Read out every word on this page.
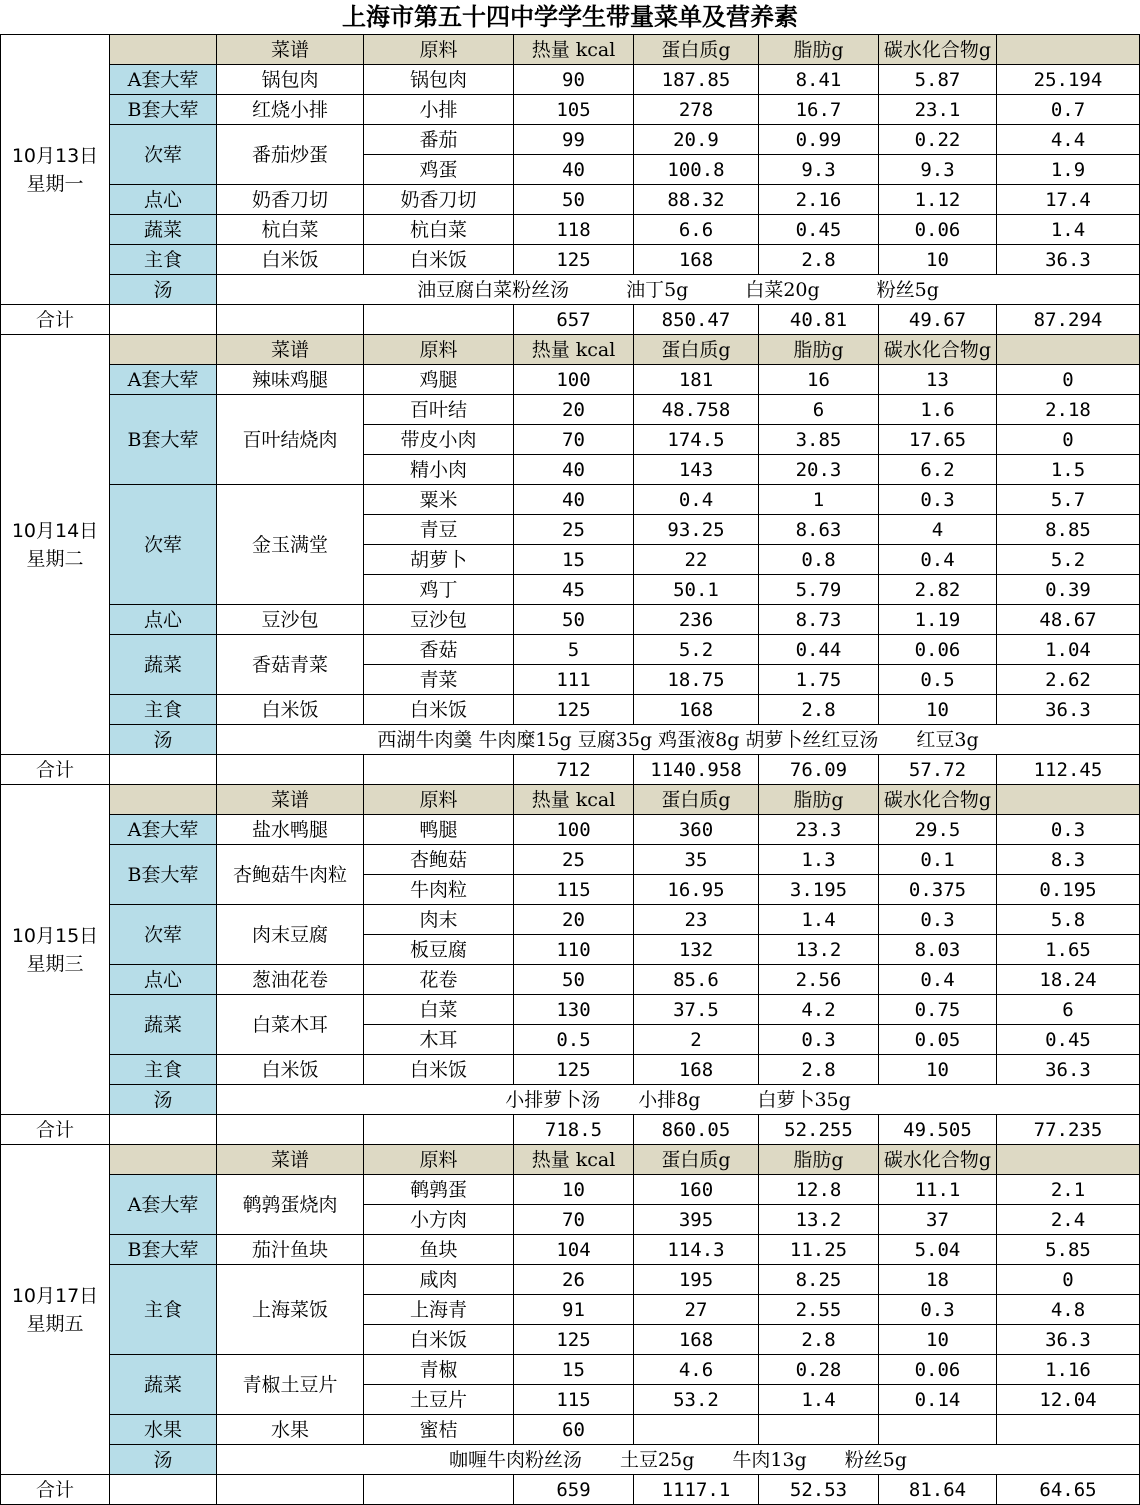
上海市第五十四中学学生带量菜单及营养素
10月13日
星期一		菜谱	原料	热量 kcal	蛋白质g	脂肪g	碳水化合物g	
	A套大荤	锅包肉	锅包肉	90	187.85	8.41	5.87	25.194
	B套大荤	红烧小排	小排	105	278	16.7	23.1	0.7
	次荤	番茄炒蛋	番茄	99	20.9	0.99	0.22	4.4
			鸡蛋	40	100.8	9.3	9.3	1.9
	点心	奶香刀切	奶香刀切	50	88.32	2.16	1.12	17.4
	蔬菜	杭白菜	杭白菜	118	6.6	0.45	0.06	1.4
	主食	白米饭	白米饭	125	168	2.8	10	36.3
	汤	油豆腐白菜粉丝汤　　　油丁5g　　　白菜20g　　　粉丝5g						
合计				657	850.47	40.81	49.67	87.294
10月14日
星期二		菜谱	原料	热量 kcal	蛋白质g	脂肪g	碳水化合物g	
	A套大荤	辣味鸡腿	鸡腿	100	181	16	13	0
	B套大荤	百叶结烧肉	百叶结	20	48.758	6	1.6	2.18
			带皮小肉	70	174.5	3.85	17.65	0
			精小肉	40	143	20.3	6.2	1.5
	次荤	金玉满堂	粟米	40	0.4	1	0.3	5.7
			青豆	25	93.25	8.63	4	8.85
			胡萝卜	15	22	0.8	0.4	5.2
			鸡丁	45	50.1	5.79	2.82	0.39
	点心	豆沙包	豆沙包	50	236	8.73	1.19	48.67
	蔬菜	香菇青菜	香菇	5	5.2	0.44	0.06	1.04
			青菜	111	18.75	1.75	0.5	2.62
	主食	白米饭	白米饭	125	168	2.8	10	36.3
	汤	西湖牛肉羹 牛肉糜15g 豆腐35g 鸡蛋液8g 胡萝卜丝红豆汤　　红豆3g						
合计				712	1140.958	76.09	57.72	112.45
10月15日
星期三		菜谱	原料	热量 kcal	蛋白质g	脂肪g	碳水化合物g	
	A套大荤	盐水鸭腿	鸭腿	100	360	23.3	29.5	0.3
	B套大荤	杏鲍菇牛肉粒	杏鲍菇	25	35	1.3	0.1	8.3
			牛肉粒	115	16.95	3.195	0.375	0.195
	次荤	肉末豆腐	肉末	20	23	1.4	0.3	5.8
			板豆腐	110	132	13.2	8.03	1.65
	点心	葱油花卷	花卷	50	85.6	2.56	0.4	18.24
	蔬菜	白菜木耳	白菜	130	37.5	4.2	0.75	6
			木耳	0.5	2	0.3	0.05	0.45
	主食	白米饭	白米饭	125	168	2.8	10	36.3
	汤	小排萝卜汤　　小排8g　　　白萝卜35g						
合计				718.5	860.05	52.255	49.505	77.235
10月17日
星期五		菜谱	原料	热量 kcal	蛋白质g	脂肪g	碳水化合物g	
	A套大荤	鹌鹑蛋烧肉	鹌鹑蛋	10	160	12.8	11.1	2.1
			小方肉	70	395	13.2	37	2.4
	B套大荤	茄汁鱼块	鱼块	104	114.3	11.25	5.04	5.85
	主食	上海菜饭	咸肉	26	195	8.25	18	0
			上海青	91	27	2.55	0.3	4.8
			白米饭	125	168	2.8	10	36.3
	蔬菜	青椒土豆片	青椒	15	4.6	0.28	0.06	1.16
			土豆片	115	53.2	1.4	0.14	12.04
	水果	水果	蜜桔	60				
	汤	咖喱牛肉粉丝汤　　土豆25g　　牛肉13g　　粉丝5g						
合计				659	1117.1	52.53	81.64	64.65
